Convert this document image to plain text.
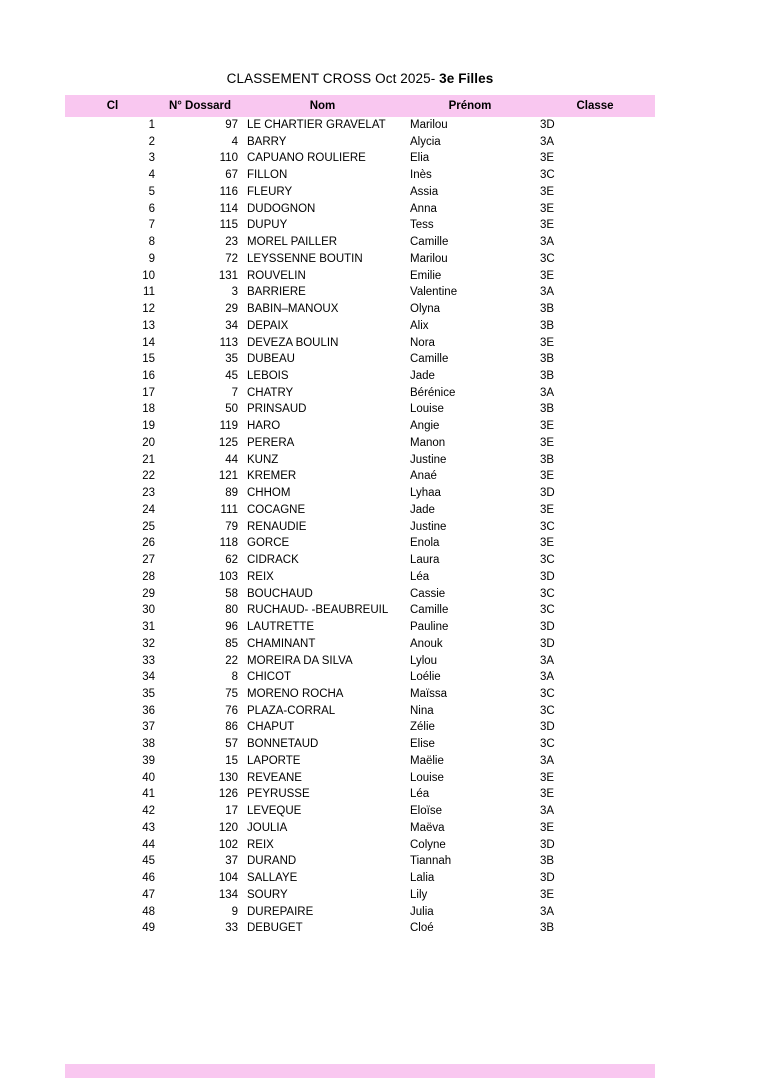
CLASSEMENT CROSS Oct 2025- 3e Filles
Cl	N° Dossard	Nom	Prénom	Classe
1	97	LE CHARTIER GRAVELAT	Marilou	3D
2	4	BARRY	Alycia	3A
3	110	CAPUANO ROULIERE	Elia	3E
4	67	FILLON	Inès	3C
5	116	FLEURY	Assia	3E
6	114	DUDOGNON	Anna	3E
7	115	DUPUY	Tess	3E
8	23	MOREL PAILLER	Camille	3A
9	72	LEYSSENNE BOUTIN	Marilou	3C
10	131	ROUVELIN	Emilie	3E
11	3	BARRIERE	Valentine	3A
12	29	BABIN–MANOUX	Olyna	3B
13	34	DEPAIX	Alix	3B
14	113	DEVEZA BOULIN	Nora	3E
15	35	DUBEAU	Camille	3B
16	45	LEBOIS	Jade	3B
17	7	CHATRY	Bérénice	3A
18	50	PRINSAUD	Louise	3B
19	119	HARO	Angie	3E
20	125	PERERA	Manon	3E
21	44	KUNZ	Justine	3B
22	121	KREMER	Anaé	3E
23	89	CHHOM	Lyhaa	3D
24	111	COCAGNE	Jade	3E
25	79	RENAUDIE	Justine	3C
26	118	GORCE	Enola	3E
27	62	CIDRACK	Laura	3C
28	103	REIX	Léa	3D
29	58	BOUCHAUD	Cassie	3C
30	80	RUCHAUD- -BEAUBREUIL	Camille	3C
31	96	LAUTRETTE	Pauline	3D
32	85	CHAMINANT	Anouk	3D
33	22	MOREIRA DA SILVA	Lylou	3A
34	8	CHICOT	Loélie	3A
35	75	MORENO ROCHA	Maïssa	3C
36	76	PLAZA-CORRAL	Nina	3C
37	86	CHAPUT	Zélie	3D
38	57	BONNETAUD	Elise	3C
39	15	LAPORTE	Maëlie	3A
40	130	REVEANE	Louise	3E
41	126	PEYRUSSE	Léa	3E
42	17	LEVEQUE	Eloïse	3A
43	120	JOULIA	Maëva	3E
44	102	REIX	Colyne	3D
45	37	DURAND	Tiannah	3B
46	104	SALLAYE	Lalia	3D
47	134	SOURY	Lily	3E
48	9	DUREPAIRE	Julia	3A
49	33	DEBUGET	Cloé	3B
